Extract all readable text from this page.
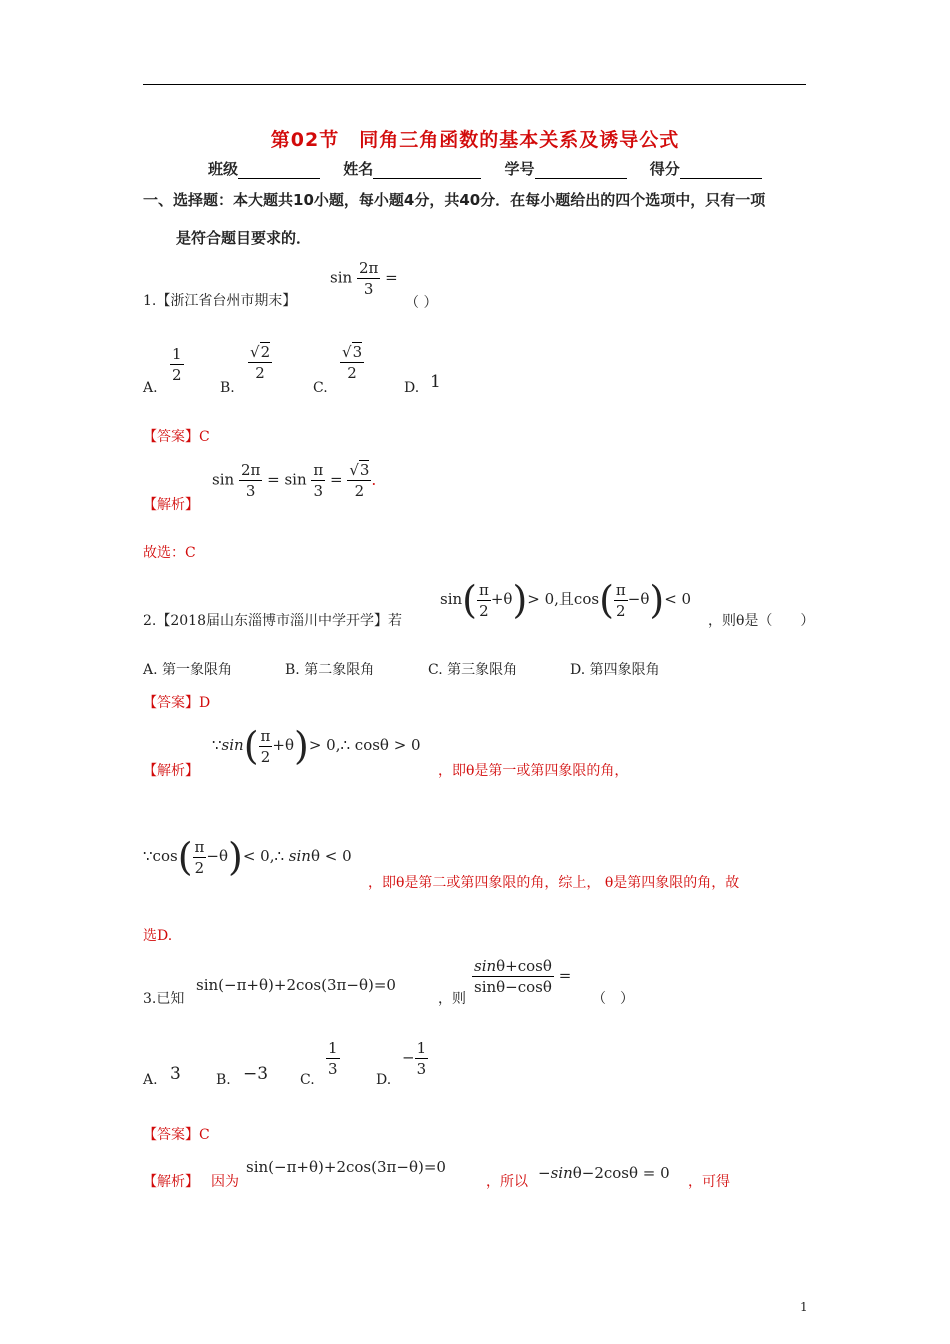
第02节　同角三角函数的基本关系及诱导公式
班级	姓名	学号	得分
一、选择题：本大题共10小题，每小题4分，共40分．在每小题给出的四个选项中，只有一项
是符合题目要求的．
1.【浙江省台州市期末】
$\sin \frac{2\pi}{3}$ =
（ ）
A.
$\frac{1}{2}$
B.
$\frac{√2}{2}$
C.
$\frac{√3}{2}$
D. 1
【答案】C
【解析】
$\sin \frac{2\pi}{3} = \sin \frac{\pi}{3} = \frac{√3}{2}$ ．
故选：C
2.【2018届山东淄博市淄川中学开学】若
$\sin( \frac{\pi}{2} +\theta)> 0$,且$\cos( \frac{\pi}{2} -\theta)< 0$
，则θ是（　　）
A. 第一象限角	B. 第二象限角	C. 第三象限角	D. 第四象限角
【答案】D
【解析】
∵sin( $\frac{\pi}{2} +\theta)>$ 0,∴ cosθ > 0
，即θ是第一或第四象限的角，
∵cos( $\frac{\pi}{2} -\theta)<$ 0,∴ sinθ < 0
，即θ是第二或第四象限的角，综上， θ是第四象限的角，故
选D.
3.已知
sin(−π+θ)+2cos(3π−θ)=0
，则
$\frac{\sin\theta+\cos\theta}{\sin\theta-\cos\theta}$ =
（　）
A. 3	B. −3 C.
$\frac{1}{3}$
D.
− $\frac{1}{3}$
【答案】C
【解析】 因为
sin(−π+θ)+2cos(3π−θ)=0
，所以 −sinθ−2cosθ = 0 ，可得
1
